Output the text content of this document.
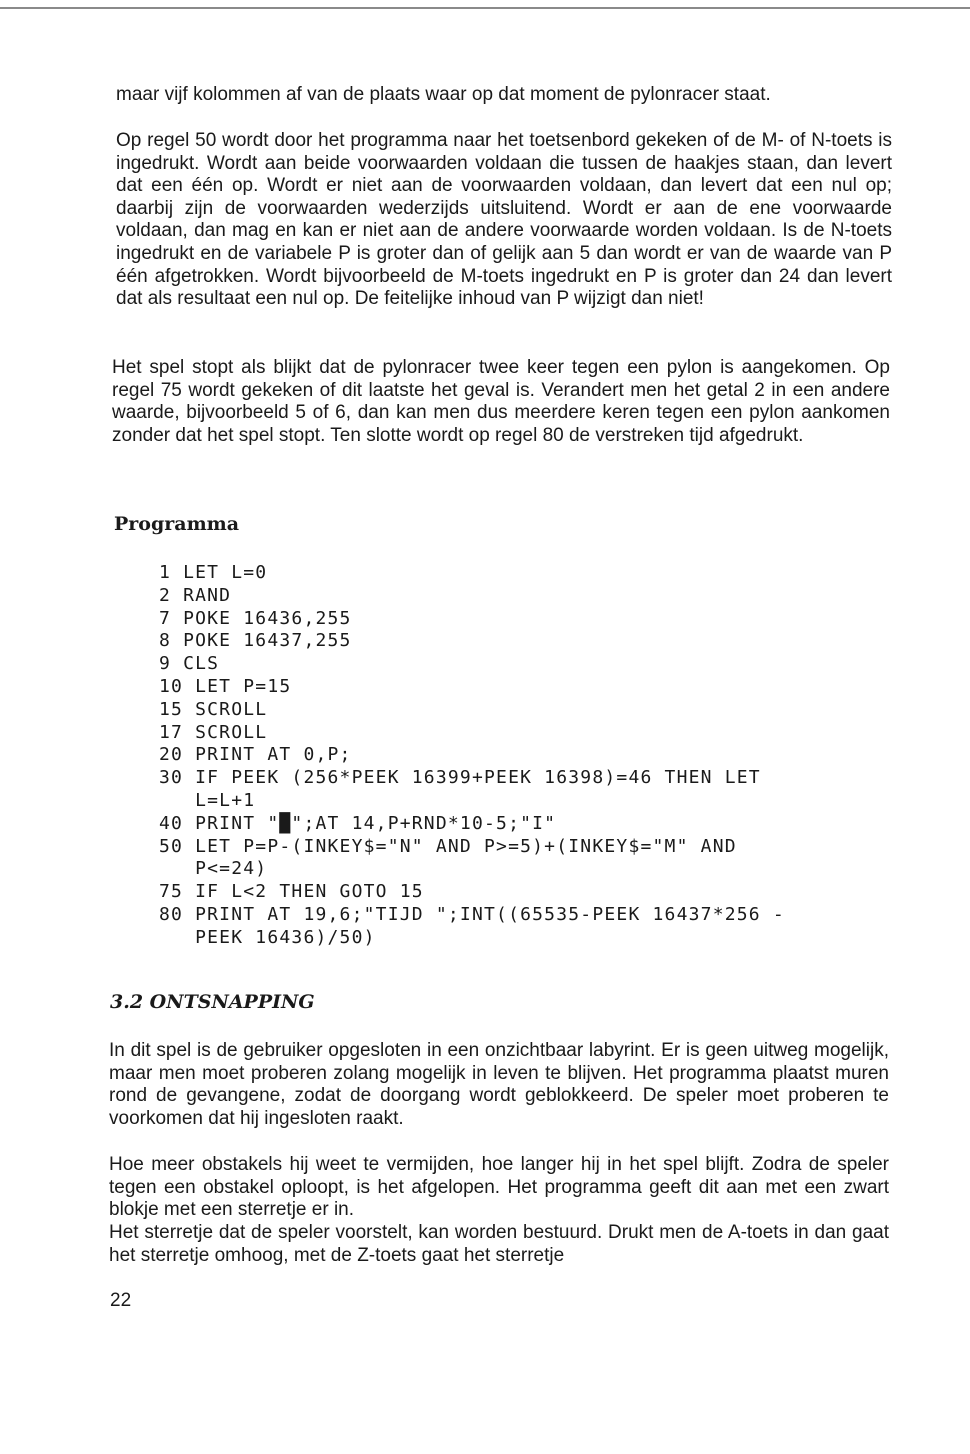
maar vijf kolommen af van de plaats waar op dat moment de pylonracer staat.

Op regel 50 wordt door het programma naar het toetsenbord gekeken of de M- of N-toets is ingedrukt. Wordt aan beide voorwaarden voldaan die tussen de haakjes staan, dan levert dat een één op. Wordt er niet aan de voorwaarden voldaan, dan levert dat een nul op; daarbij zijn de voorwaarden wederzijds uitsluitend. Wordt er aan de ene voorwaarde voldaan, dan mag en kan er niet aan de andere voorwaarde worden voldaan. Is de N-toets ingedrukt en de variabele P is groter dan of gelijk aan 5 dan wordt er van de waarde van P één afgetrokken. Wordt bijvoorbeeld de M-toets ingedrukt en P is groter dan 24 dan levert dat als resultaat een nul op. De feitelijke inhoud van P wijzigt dan niet!

Het spel stopt als blijkt dat de pylonracer twee keer tegen een pylon is aangekomen. Op regel 75 wordt gekeken of dit laatste het geval is. Verandert men het getal 2 in een andere waarde, bijvoorbeeld 5 of 6, dan kan men dus meerdere keren tegen een pylon aankomen zonder dat het spel stopt. Ten slotte wordt op regel 80 de verstreken tijd afgedrukt.

Programma
1 LET L=0
2 RAND
7 POKE 16436,255
8 POKE 16437,255
9 CLS
10 LET P=15
15 SCROLL
17 SCROLL
20 PRINT AT 0,P;
30 IF PEEK (256*PEEK 16399+PEEK 16398)=46 THEN LET
L=L+1
40 PRINT "█";AT 14,P+RND*10-5;"I"
50 LET P=P-(INKEY$="N" AND P>=5)+(INKEY$="M" AND
P<=24)
75 IF L<2 THEN GOTO 15
80 PRINT AT 19,6;"TIJD ";INT((65535-PEEK 16437*256 -
PEEK 16436)/50)
3.2 ONTSNAPPING

In dit spel is de gebruiker opgesloten in een onzichtbaar labyrint. Er is geen uitweg mogelijk, maar men moet proberen zolang mogelijk in leven te blijven. Het programma plaatst muren rond de gevangene, zodat de doorgang wordt geblokkeerd. De speler moet proberen te voorkomen dat hij ingesloten raakt.

Hoe meer obstakels hij weet te vermijden, hoe langer hij in het spel blijft. Zodra de speler tegen een obstakel oploopt, is het afgelopen. Het programma geeft dit aan met een zwart blokje met een sterretje er in.

Het sterretje dat de speler voorstelt, kan worden bestuurd. Drukt men de A-toets in dan gaat het sterretje omhoog, met de Z-toets gaat het sterretje

22
